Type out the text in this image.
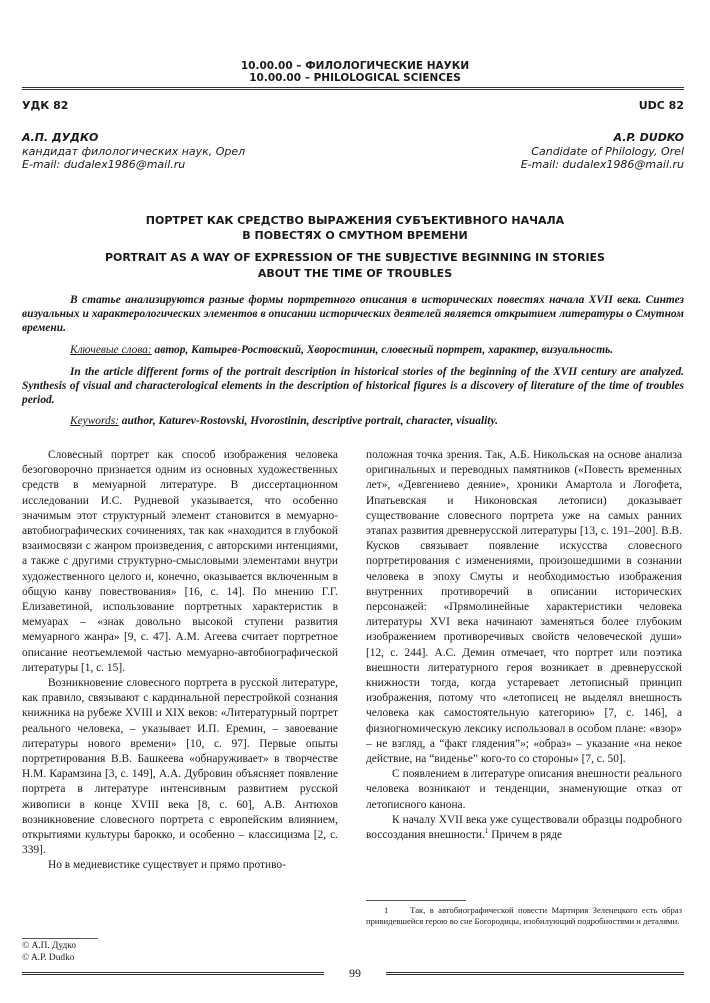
10.00.00 – ФИЛОЛОГИЧЕСКИЕ НАУКИ
10.00.00 – PHILOLOGICAL SCIENCES
УДК 82	UDC 82
А.П. ДУДКО
кандидат филологических наук, Орел
E-mail: dudalex1986@mail.ru
A.P. DUDKO
Candidate of Philology, Orel
E-mail: dudalex1986@mail.ru
ПОРТРЕТ КАК СРЕДСТВО ВЫРАЖЕНИЯ СУБЪЕКТИВНОГО НАЧАЛА
В ПОВЕСТЯХ О СМУТНОМ ВРЕМЕНИ
PORTRAIT AS A WAY OF EXPRESSION OF THE SUBJECTIVE BEGINNING IN STORIES
ABOUT THE TIME OF TROUBLES

В статье анализируются разные формы портретного описания в исторических повестях начала XVII века. Синтез визуальных и характерологических элементов в описании исторических деятелей является открытием литературы о Смутном времени.

Ключевые слова: автор, Катырев-Ростовский, Хворостинин, словесный портрет, характер, визуальность.

In the article different forms of the portrait description in historical stories of the beginning of the XVII century are analyzed. Synthesis of visual and characterological elements in the description of historical figures is a discovery of literature of the time of troubles period.

Keywords: author, Katurev-Rostovski, Hvorostinin, descriptive portrait, character, visuality.

Словесный портрет как способ изображения человека безоговорочно признается одним из основных художественных средств в мемуарной литературе. В диссертационном исследовании И.С. Рудневой указывается, что особенно значимым этот структурный элемент становится в мемуарно-автобиографических сочинениях, так как «находится в глубокой взаимосвязи с жанром произведения, с авторскими интенциями, а также с другими структурно-смысловыми элементами внутри художественного целого и, конечно, оказывается включенным в общую канву повествования» [16, с. 14]. По мнению Г.Г. Елизаветиной, использование портретных характеристик в мемуарах – «знак довольно высокой ступени развития мемуарного жанра» [9, с. 47]. А.М. Агеева считает портретное описание неотъемлемой частью мемуарно-автобиографической литературы [1, с. 15].

Возникновение словесного портрета в русской литературе, как правило, связывают с кардинальной перестройкой сознания книжника на рубеже XVIII и XIX веков: «Литературный портрет реального человека, – указывает И.П. Еремин, – завоевание литературы нового времени» [10, с. 97]. Первые опыты портретирования В.В. Башкеева «обнаруживает» в творчестве Н.М. Карамзина [3, с. 149], А.А. Дубровин объясняет появление портрета в литературе интенсивным развитием русской живописи в конце XVIII века [8, с. 60], А.В. Антюхов возникновение словесного портрета с европейским влиянием, открытиями культуры барокко, и особенно – классицизма [2, с. 339].

Но в медиевистике существует и прямо противо-

положная точка зрения. Так, А.Б. Никольская на основе анализа оригинальных и переводных памятников («Повесть временных лет», «Девгениево деяние», хроники Амартола и Логофета, Ипатьевская и Никоновская летописи) доказывает существование словесного портрета уже на самых ранних этапах развития древнерусской литературы [13, с. 191–200]. В.В. Кусков связывает появление искусства словесного портретирования с изменениями, произошедшими в сознании человека в эпоху Смуты и необходимостью изображения внутренних противоречий в описании исторических персонажей: «Прямолинейные характеристики человека литературы XVI века начинают заменяться более глубоким изображением противоречивых свойств человеческой души» [12, с. 244]. А.С. Демин отмечает, что портрет или поэтика внешности литературного героя возникает в древнерусской книжности тогда, когда устаревает летописный принцип изображения, потому что «летописец не выделял внешность человека как самостоятельную категорию» [7, с. 146], а физиогномическую лексику использовал в особом плане: «взор» – не взгляд, а “факт глядения”»; «образ» – указание «на некое действие, на “виденье” кого-то со стороны» [7, с. 50].

С появлением в литературе описания внешности реального человека возникают и тенденции, знаменующие отказ от летописного канона.

К началу XVII века уже существовали образцы подробного воссоздания внешности.$^1$ Причем в ряде

1	Так, в автобиографической повести Мартирия Зеленецкого есть образ привидевшейся герою во сне Богородицы, изобилующий подробностями и деталями.

© А.П. Дудко
© A.P. Dudko
99
